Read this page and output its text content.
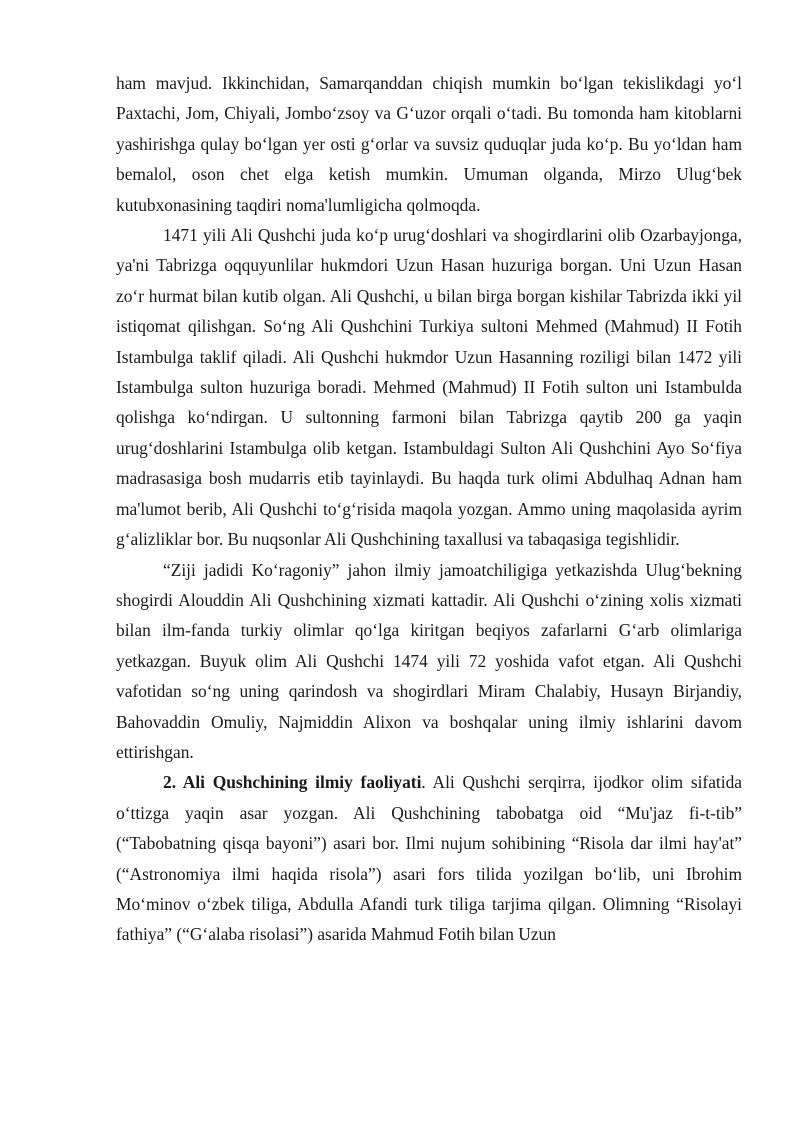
ham mavjud. Ikkinchidan, Samarqanddan chiqish mumkin bo‘lgan tekislikdagi yo‘l Paxtachi, Jom, Chiyali, Jombo‘zsoy va G‘uzor orqali o‘tadi. Bu tomonda ham kitoblarni yashirishga qulay bo‘lgan yer osti g‘orlar va suvsiz quduqlar juda ko‘p. Bu yo‘ldan ham bemalol, oson chet elga ketish mumkin. Umuman olganda, Mirzo Ulug‘bek kutubxonasining taqdiri noma'lumligicha qolmoqda.

1471 yili Ali Qushchi juda ko‘p urug‘doshlari va shogirdlarini olib Ozarbayjonga, ya'ni Tabrizga oqquyunlilar hukmdori Uzun Hasan huzuriga borgan. Uni Uzun Hasan zo‘r hurmat bilan kutib olgan. Ali Qushchi, u bilan birga borgan kishilar Tabrizda ikki yil istiqomat qilishgan. So‘ng Ali Qushchini Turkiya sultoni Mehmed (Mahmud) II Fotih Istambulga taklif qiladi. Ali Qushchi hukmdor Uzun Hasanning roziligi bilan 1472 yili Istambulga sulton huzuriga boradi. Mehmed (Mahmud) II Fotih sulton uni Istambulda qolishga ko‘ndirgan. U sultonning farmoni bilan Tabrizga qaytib 200 ga yaqin urug‘doshlarini Istambulga olib ketgan. Istambuldagi Sulton Ali Qushchini Ayo So‘fiya madrasasiga bosh mudarris etib tayinlaydi. Bu haqda turk olimi Abdulhaq Adnan ham ma'lumot berib, Ali Qushchi to‘g‘risida maqola yozgan. Ammo uning maqolasida ayrim g‘alizliklar bor. Bu nuqsonlar Ali Qushchining taxallusi va tabaqasiga tegishlidir.

“Ziji jadidi Ko‘ragoniy” jahon ilmiy jamoatchiligiga yetkazishda Ulug‘bekning shogirdi Alouddin Ali Qushchining xizmati kattadir. Ali Qushchi o‘zining xolis xizmati bilan ilm-fanda turkiy olimlar qo‘lga kiritgan beqiyos zafarlarni G‘arb olimlariga yetkazgan. Buyuk olim Ali Qushchi 1474 yili 72 yoshida vafot etgan. Ali Qushchi vafotidan so‘ng uning qarindosh va shogirdlari Miram Chalabiy, Husayn Birjandiy, Bahovaddin Omuliy, Najmiddin Alixon va boshqalar uning ilmiy ishlarini davom ettirishgan.

2. Ali Qushchining ilmiy faoliyati. Ali Qushchi serqirra, ijodkor olim sifatida o‘ttizga yaqin asar yozgan. Ali Qushchining tabobatga oid “Mu'jaz fi-t-tib” (“Tabobatning qisqa bayoni”) asari bor. Ilmi nujum sohibining “Risola dar ilmi hay'at” (“Astronomiya ilmi haqida risola”) asari fors tilida yozilgan bo‘lib, uni Ibrohim Mo‘minov o‘zbek tiliga, Abdulla Afandi turk tiliga tarjima qilgan. Olimning “Risolayi fathiya” (“G‘alaba risolasi”) asarida Mahmud Fotih bilan Uzun
